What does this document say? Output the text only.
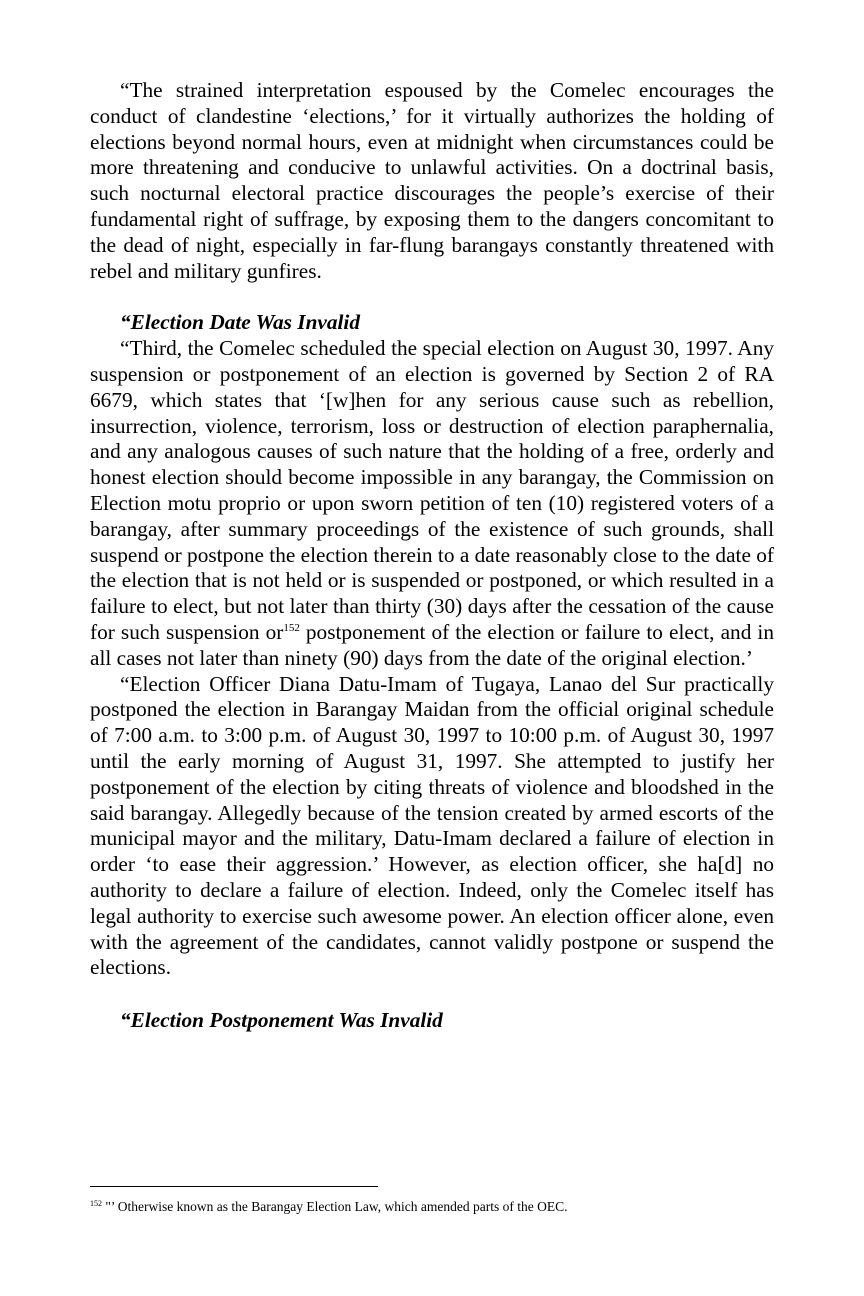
“The strained interpretation espoused by the Comelec encourages the conduct of clandestine ‘elections,’ for it virtually authorizes the holding of elections beyond normal hours, even at midnight when circumstances could be more threatening and conducive to unlawful activities. On a doctrinal basis, such nocturnal electoral practice discourages the people’s exercise of their fundamental right of suffrage, by exposing them to the dangers concomitant to the dead of night, especially in far-flung barangays constantly threatened with rebel and military gunfires.

“Election Date Was Invalid

“Third, the Comelec scheduled the special election on August 30, 1997. Any suspension or postponement of an election is governed by Section 2 of RA 6679, which states that ‘[w]hen for any serious cause such as rebellion, insurrection, violence, terrorism, loss or destruction of election paraphernalia, and any analogous causes of such nature that the holding of a free, orderly and honest election should become impossible in any barangay, the Commission on Election motu proprio or upon sworn petition of ten (10) registered voters of a barangay, after summary proceedings of the existence of such grounds, shall suspend or postpone the election therein to a date reasonably close to the date of the election that is not held or is suspended or postponed, or which resulted in a failure to elect, but not later than thirty (30) days after the cessation of the cause for such suspension or$^{152}$ postponement of the election or failure to elect, and in all cases not later than ninety (90) days from the date of the original election.’

“Election Officer Diana Datu-Imam of Tugaya, Lanao del Sur practically postponed the election in Barangay Maidan from the official original schedule of 7:00 a.m. to 3:00 p.m. of August 30, 1997 to 10:00 p.m. of August 30, 1997 until the early morning of August 31, 1997. She attempted to justify her postponement of the election by citing threats of violence and bloodshed in the said barangay. Allegedly because of the tension created by armed escorts of the municipal mayor and the military, Datu-Imam declared a failure of election in order ‘to ease their aggression.’ However, as election officer, she ha[d] no authority to declare a failure of election. Indeed, only the Comelec itself has legal authority to exercise such awesome power. An election officer alone, even with the agreement of the candidates, cannot validly postpone or suspend the elections.

“Election Postponement Was Invalid

$^{152}$ "’ Otherwise known as the Barangay Election Law, which amended parts of the OEC.
